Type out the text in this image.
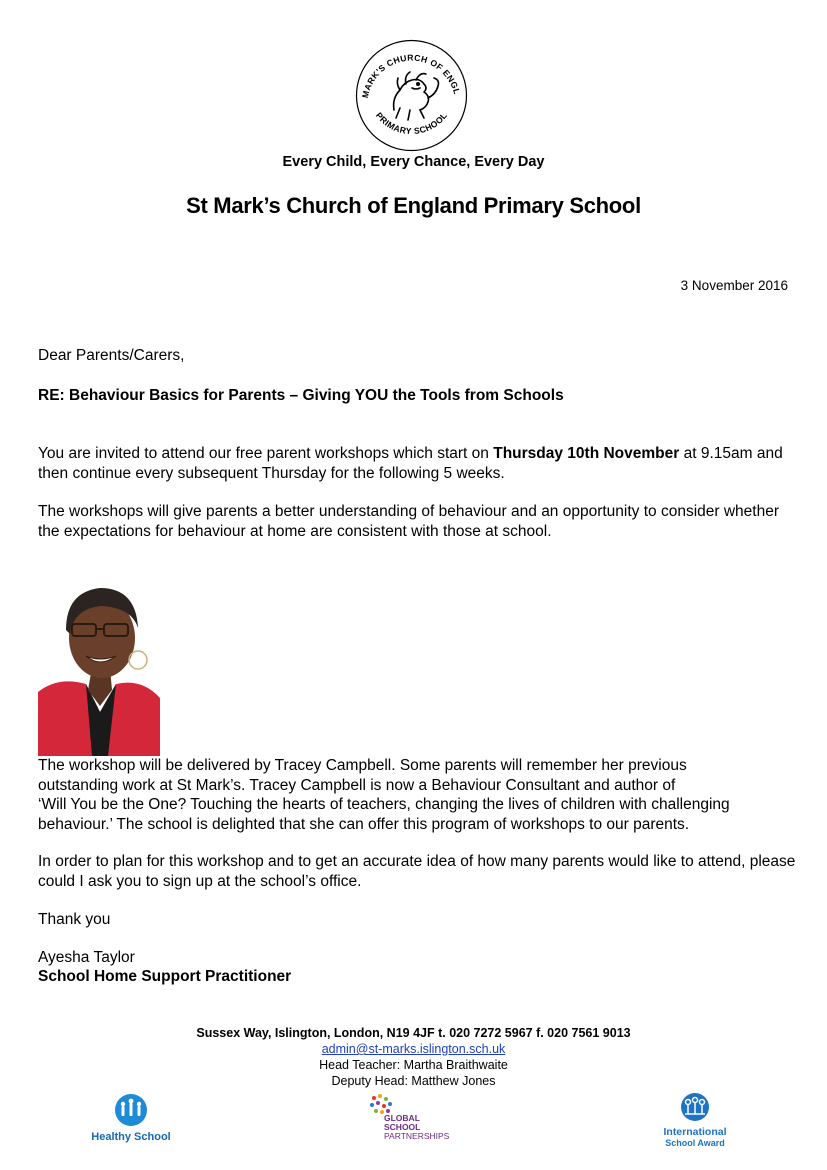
MARK'S CHURCH OF ENGL
PRIMARY SCHOOL
Every Child, Every Chance, Every Day
St Mark’s Church of England Primary School
3 November 2016
Dear Parents/Carers,
RE: Behaviour Basics for Parents – Giving YOU the Tools from Schools
You are invited to attend our free parent workshops which start on Thursday 10th November at 9.15am and then continue every subsequent Thursday for the following 5 weeks.
The workshops will give parents a better understanding of behaviour and an opportunity to consider whether the expectations for behaviour at home are consistent with those at school.
The workshop will be delivered by Tracey Campbell. Some parents will remember her previous
outstanding work at St Mark’s. Tracey Campbell is now a Behaviour Consultant and author of
‘Will You be the One? Touching the hearts of teachers, changing the lives of children with challenging
behaviour.’ The school is delighted that she can offer this program of workshops to our parents.
In order to plan for this workshop and to get an accurate idea of how many parents would like to attend, please could I ask you to sign up at the school’s office.
Thank you
Ayesha Taylor
School Home Support Practitioner
Sussex Way, Islington, London, N19 4JF t. 020 7272 5967 f. 020 7561 9013
admin@st-marks.islington.sch.uk
Head Teacher: Martha Braithwaite
Deputy Head: Matthew Jones
Healthy School
GLOBAL
SCHOOL
PARTNERSHIPS	International
School Award
